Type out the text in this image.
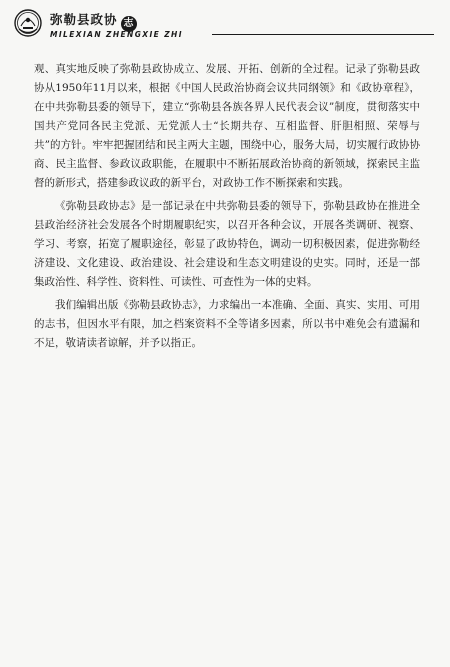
弥勒县政协 志
MILEXIAN ZHENGXIE ZHI

观、真实地反映了弥勒县政协成立、发展、开拓、创新的全过程。记录了弥勒县政协从1950年11月以来，根据《中国人民政治协商会议共同纲领》和《政协章程》，在中共弥勒县委的领导下，建立“弥勒县各族各界人民代表会议”制度，贯彻落实中国共产党同各民主党派、无党派人士“长期共存、互相监督、肝胆相照、荣辱与共”的方针。牢牢把握团结和民主两大主题，围绕中心，服务大局，切实履行政协协商、民主监督、参政议政职能，在履职中不断拓展政治协商的新领域，探索民主监督的新形式，搭建参政议政的新平台，对政协工作不断探索和实践。

《弥勒县政协志》是一部记录在中共弥勒县委的领导下，弥勒县政协在推进全县政治经济社会发展各个时期履职纪实，以召开各种会议，开展各类调研、视察、学习、考察，拓宽了履职途径，彰显了政协特色，调动一切积极因素，促进弥勒经济建设、文化建设、政治建设、社会建设和生态文明建设的史实。同时，还是一部集政治性、科学性、资料性、可读性、可查性为一体的史料。

我们编辑出版《弥勒县政协志》，力求编出一本准确、全面、真实、实用、可用的志书，但因水平有限，加之档案资料不全等诸多因素，所以书中难免会有遗漏和不足，敬请读者谅解，并予以指正。
